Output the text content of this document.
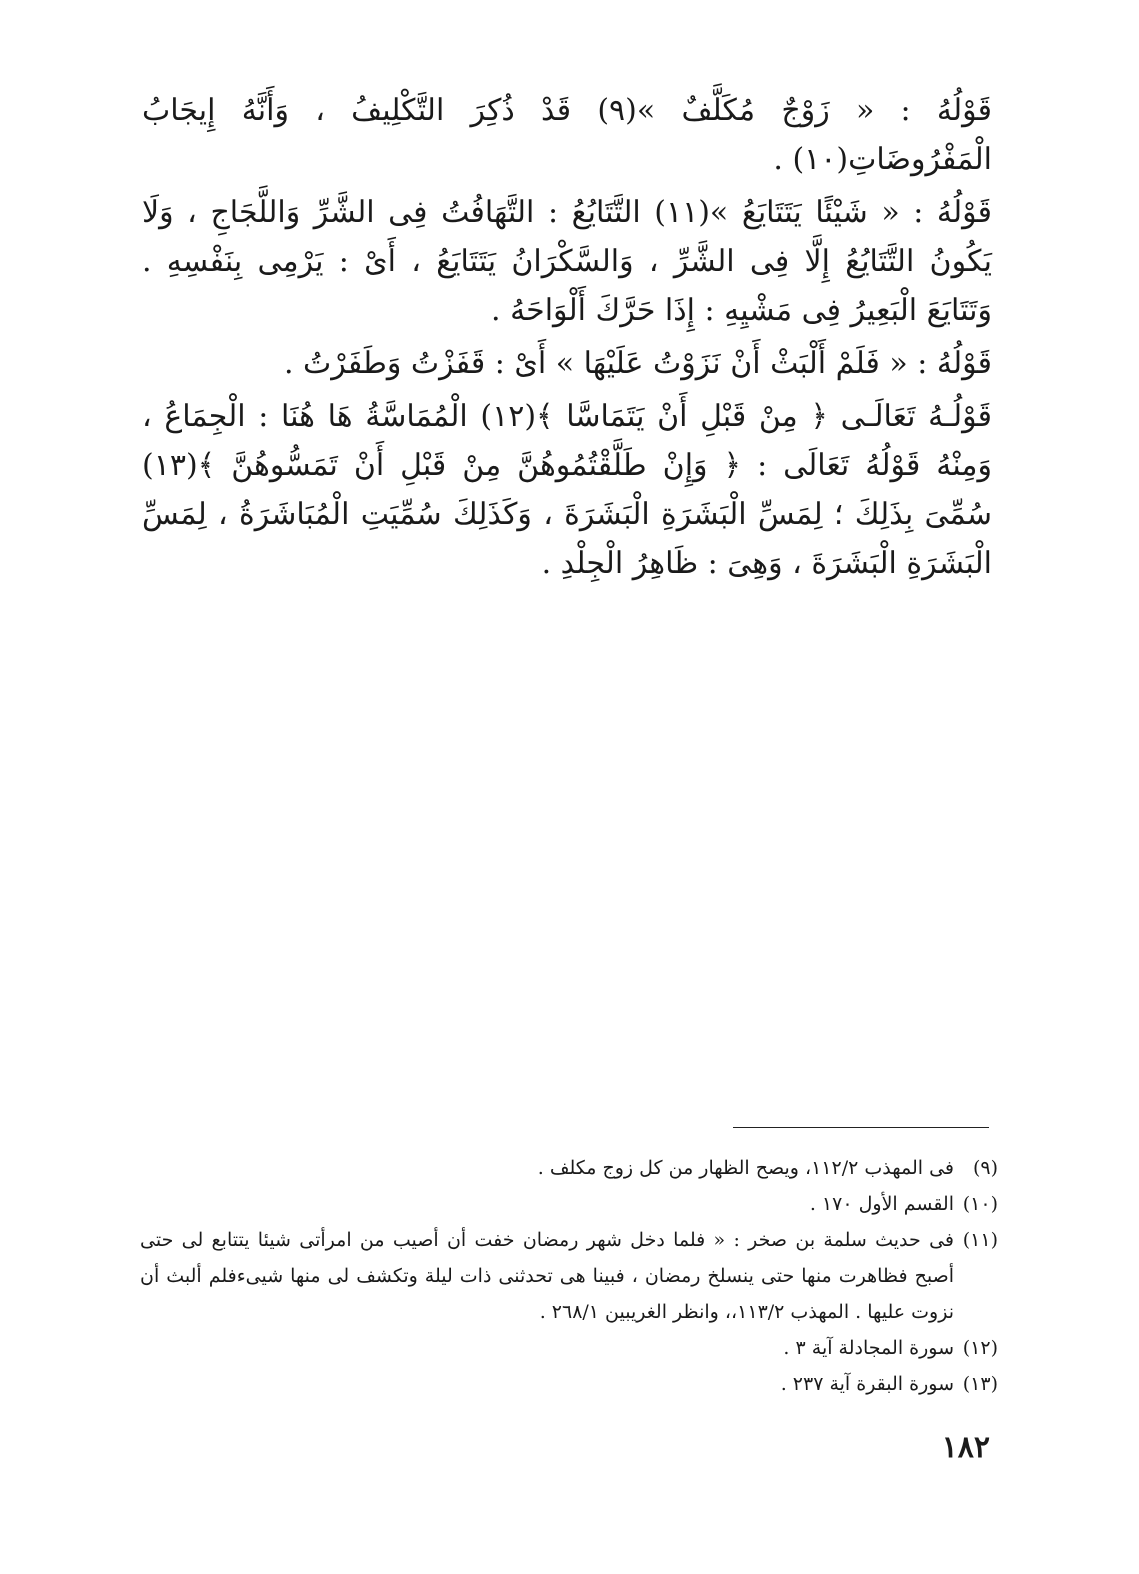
قَوْلُهُ : « زَوْجٌ مُكَلَّفٌ »(٩) قَدْ ذُكِرَ التَّكْلِيفُ ، وَأَنَّهُ إِيجَابُ الْمَفْرُوضَاتِ(١٠) .

قَوْلُهُ : « شَيْئًا يَتَتَايَعُ »(١١) التَّتَايُعُ : التَّهَافُتُ فِى الشَّرِّ وَاللَّجَاجِ ، وَلَا يَكُونُ التَّتَايُعُ إِلَّا فِى الشَّرِّ ، وَالسَّكْرَانُ يَتَتَايَعُ ، أَىْ : يَرْمِى بِنَفْسِهِ . وَتَتَايَعَ الْبَعِيرُ فِى مَشْيِهِ : إِذَا حَرَّكَ أَلْوَاحَهُ .

قَوْلُهُ : « فَلَمْ أَلْبَثْ أَنْ نَزَوْتُ عَلَيْهَا » أَىْ : قَفَزْتُ وَطَفَرْتُ .

قَوْلُـهُ تَعَالَـى ﴿ مِنْ قَبْلِ أَنْ يَتَمَاسَّا ﴾(١٢) الْمُمَاسَّةُ هَا هُنَا : الْجِمَاعُ ، وَمِنْهُ قَوْلُهُ تَعَالَى : ﴿ وَإِنْ طَلَّقْتُمُوهُنَّ مِنْ قَبْلِ أَنْ تَمَسُّوهُنَّ ﴾(١٣) سُمِّىَ بِذَلِكَ ؛ لِمَسِّ الْبَشَرَةِ الْبَشَرَةَ ، وَكَذَلِكَ سُمِّيَتِ الْمُبَاشَرَةُ ، لِمَسِّ الْبَشَرَةِ الْبَشَرَةَ ، وَهِىَ : ظَاهِرُ الْجِلْدِ .

(٩)
فى المهذب ١١٢/٢، ويصح الظهار من كل زوج مكلف .
(١٠)
القسم الأول ١٧٠ .
(١١)
فى حديث سلمة بن صخر : « فلما دخل شهر رمضان خفت أن أصيب من امرأتى شيئا يتتابع لى حتى أصبح فظاهرت منها حتى ينسلخ رمضان ، فبينا هى تحدثنى ذات ليلة وتكشف لى منها شيىءفلم ألبث أن نزوت عليها . المهذب ١١٣/٢،، وانظر الغريبين ٢٦٨/١ .
(١٢)
سورة المجادلة آية ٣ .
(١٣)
سورة البقرة آية ٢٣٧ .
١٨٢
